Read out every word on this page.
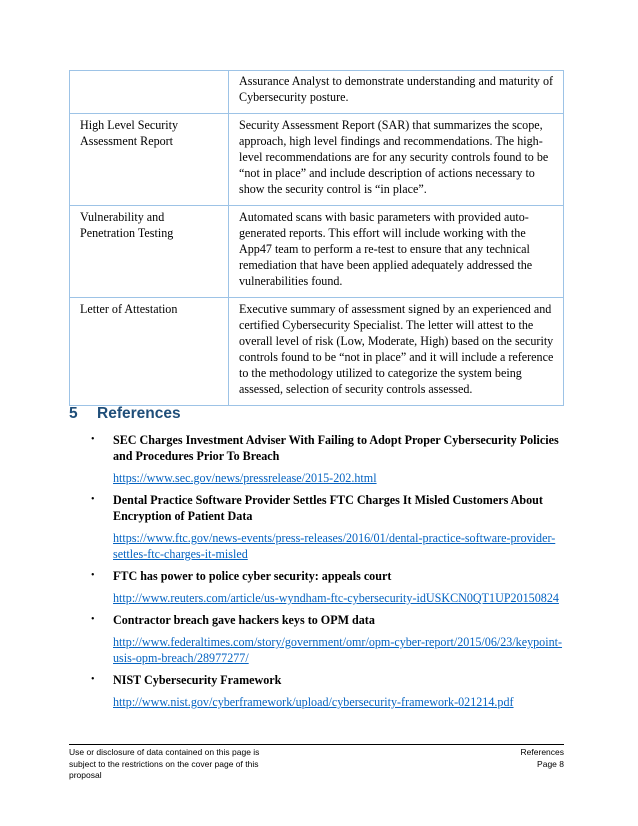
	Assurance Analyst to demonstrate understanding and maturity of Cybersecurity posture.
High Level Security Assessment Report	Security Assessment Report (SAR) that summarizes the scope, approach, high level findings and recommendations. The high-level recommendations are for any security controls found to be “not in place” and include description of actions necessary to show the security control is “in place”.
Vulnerability and Penetration Testing	Automated scans with basic parameters with provided auto-generated reports. This effort will include working with the App47 team to perform a re-test to ensure that any technical remediation that have been applied adequately addressed the vulnerabilities found.
Letter of Attestation	Executive summary of assessment signed by an experienced and certified Cybersecurity Specialist. The letter will attest to the overall level of risk (Low, Moderate, High) based on the security controls found to be “not in place” and it will include a reference to the methodology utilized to categorize the system being assessed, selection of security controls assessed.
5 References
• SEC Charges Investment Adviser With Failing to Adopt Proper Cybersecurity Policies and Procedures Prior To Breach
https://www.sec.gov/news/pressrelease/2015-202.html
• Dental Practice Software Provider Settles FTC Charges It Misled Customers About Encryption of Patient Data
https://www.ftc.gov/news-events/press-releases/2016/01/dental-practice-software-provider-settles-ftc-charges-it-misled
• FTC has power to police cyber security: appeals court
http://www.reuters.com/article/us-wyndham-ftc-cybersecurity-idUSKCN0QT1UP20150824
• Contractor breach gave hackers keys to OPM data
http://www.federaltimes.com/story/government/omr/opm-cyber-report/2015/06/23/keypoint-usis-opm-breach/28977277/
• NIST Cybersecurity Framework
http://www.nist.gov/cyberframework/upload/cybersecurity-framework-021214.pdf
Use or disclosure of data contained on this page is subject to the restrictions on the cover page of this proposal
References
Page 8
